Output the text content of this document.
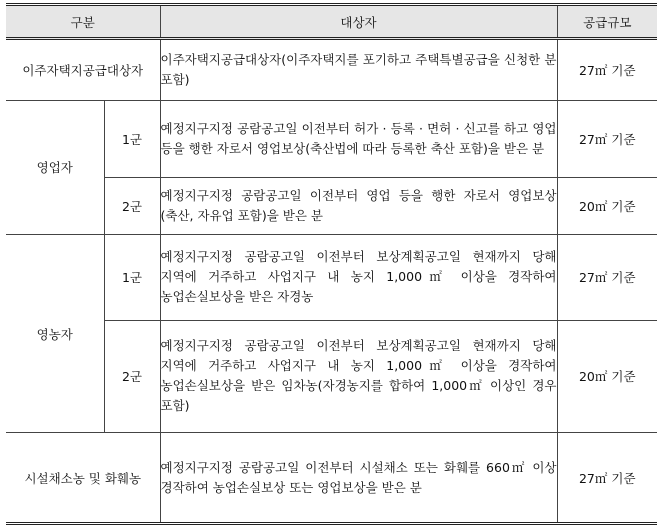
구분		대상자	공급규모
이주자택지공급대상자		이주자택지공급대상자(이주자택지를 포기하고 주택특별공급을 신청한 분 포함)	27㎡ 기준
영업자	1군	예정지구지정 공람공고일 이전부터 허가 · 등록 · 면허 · 신고를 하고 영업 등을 행한 자로서 영업보상(축산법에 따라 등록한 축산 포함)을 받은 분	27㎡ 기준
	2군	예정지구지정 공람공고일 이전부터 영업 등을 행한 자로서 영업보상(축산, 자유업 포함)을 받은 분	20㎡ 기준
영농자	1군	예정지구지정 공람공고일 이전부터 보상계획공고일 현재까지 당해 지역에 거주하고 사업지구 내 농지 1,000㎡ 이상을 경작하여 농업손실보상을 받은 자경농	27㎡ 기준
	2군	예정지구지정 공람공고일 이전부터 보상계획공고일 현재까지 당해 지역에 거주하고 사업지구 내 농지 1,000㎡ 이상을 경작하여 농업손실보상을 받은 임차농(자경농지를 합하여 1,000㎡ 이상인 경우 포함)	20㎡ 기준
시설채소농 및 화훼농		예정지구지정 공람공고일 이전부터 시설채소 또는 화훼를 660㎡ 이상 경작하여 농업손실보상 또는 영업보상을 받은 분	27㎡ 기준
